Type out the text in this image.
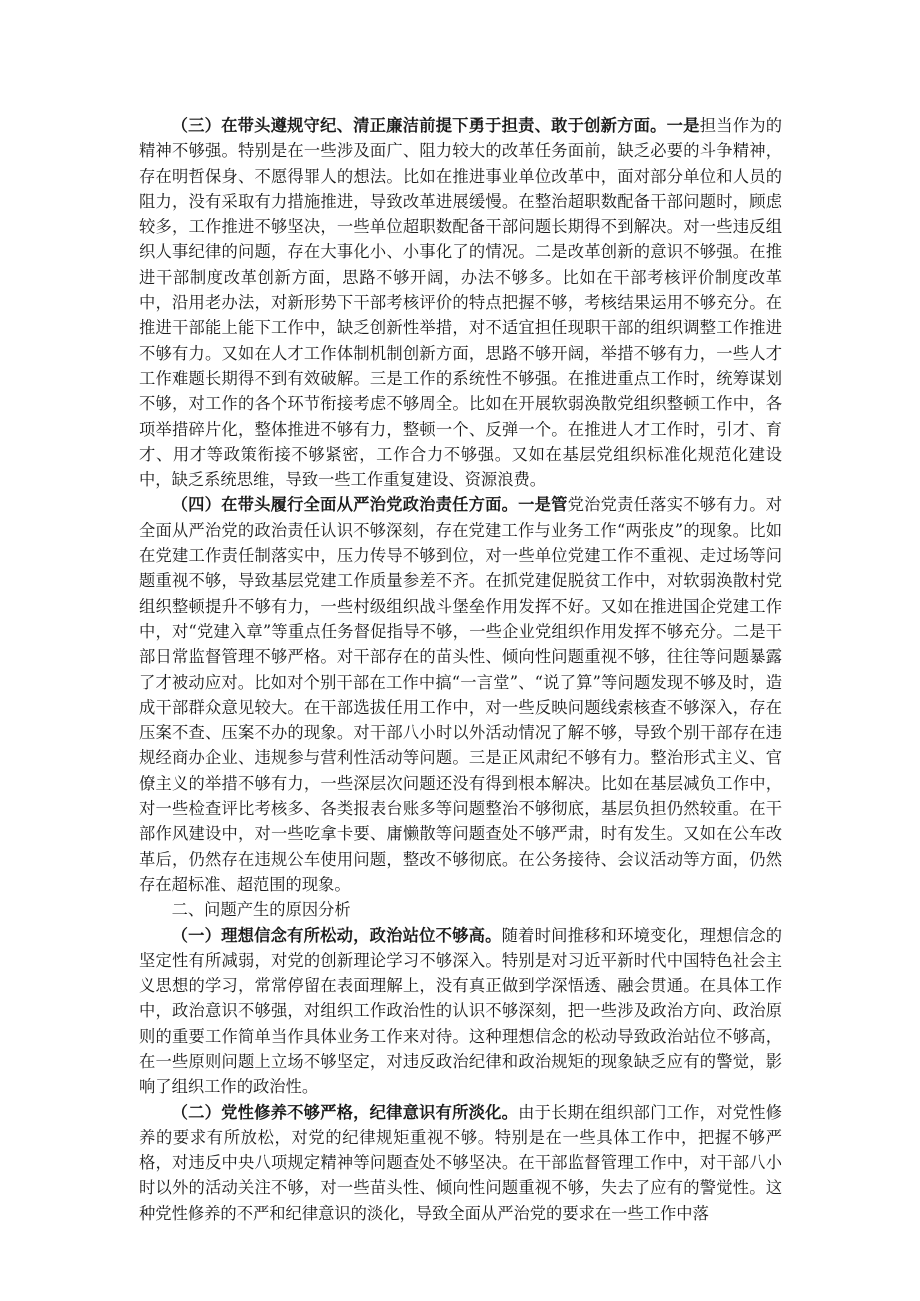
（三）在带头遵规守纪、清正廉洁前提下勇于担责、敢于创新方面。一是担当作为的精神不够强。特别是在一些涉及面广、阻力较大的改革任务面前，缺乏必要的斗争精神，存在明哲保身、不愿得罪人的想法。比如在推进事业单位改革中，面对部分单位和人员的阻力，没有采取有力措施推进，导致改革进展缓慢。在整治超职数配备干部问题时，顾虑较多，工作推进不够坚决，一些单位超职数配备干部问题长期得不到解决。对一些违反组织人事纪律的问题，存在大事化小、小事化了的情况。二是改革创新的意识不够强。在推进干部制度改革创新方面，思路不够开阔，办法不够多。比如在干部考核评价制度改革中，沿用老办法，对新形势下干部考核评价的特点把握不够，考核结果运用不够充分。在推进干部能上能下工作中，缺乏创新性举措，对不适宜担任现职干部的组织调整工作推进不够有力。又如在人才工作体制机制创新方面，思路不够开阔，举措不够有力，一些人才工作难题长期得不到有效破解。三是工作的系统性不够强。在推进重点工作时，统筹谋划不够，对工作的各个环节衔接考虑不够周全。比如在开展软弱涣散党组织整顿工作中，各项举措碎片化，整体推进不够有力，整顿一个、反弹一个。在推进人才工作时，引才、育才、用才等政策衔接不够紧密，工作合力不够强。又如在基层党组织标准化规范化建设中，缺乏系统思维，导致一些工作重复建设、资源浪费。

（四）在带头履行全面从严治党政治责任方面。一是管党治党责任落实不够有力。对全面从严治党的政治责任认识不够深刻，存在党建工作与业务工作“两张皮”的现象。比如在党建工作责任制落实中，压力传导不够到位，对一些单位党建工作不重视、走过场等问题重视不够，导致基层党建工作质量参差不齐。在抓党建促脱贫工作中，对软弱涣散村党组织整顿提升不够有力，一些村级组织战斗堡垒作用发挥不好。又如在推进国企党建工作中，对“党建入章”等重点任务督促指导不够，一些企业党组织作用发挥不够充分。二是干部日常监督管理不够严格。对干部存在的苗头性、倾向性问题重视不够，往往等问题暴露了才被动应对。比如对个别干部在工作中搞“一言堂”、“说了算”等问题发现不够及时，造成干部群众意见较大。在干部选拔任用工作中，对一些反映问题线索核查不够深入，存在压案不查、压案不办的现象。对干部八小时以外活动情况了解不够，导致个别干部存在违规经商办企业、违规参与营利性活动等问题。三是正风肃纪不够有力。整治形式主义、官僚主义的举措不够有力，一些深层次问题还没有得到根本解决。比如在基层减负工作中，对一些检查评比考核多、各类报表台账多等问题整治不够彻底，基层负担仍然较重。在干部作风建设中，对一些吃拿卡要、庸懒散等问题查处不够严肃，时有发生。又如在公车改革后，仍然存在违规公车使用问题，整改不够彻底。在公务接待、会议活动等方面，仍然存在超标准、超范围的现象。

二、问题产生的原因分析

（一）理想信念有所松动，政治站位不够高。随着时间推移和环境变化，理想信念的坚定性有所减弱，对党的创新理论学习不够深入。特别是对习近平新时代中国特色社会主义思想的学习，常常停留在表面理解上，没有真正做到学深悟透、融会贯通。在具体工作中，政治意识不够强，对组织工作政治性的认识不够深刻，把一些涉及政治方向、政治原则的重要工作简单当作具体业务工作来对待。这种理想信念的松动导致政治站位不够高，在一些原则问题上立场不够坚定，对违反政治纪律和政治规矩的现象缺乏应有的警觉，影响了组织工作的政治性。

（二）党性修养不够严格，纪律意识有所淡化。由于长期在组织部门工作，对党性修养的要求有所放松，对党的纪律规矩重视不够。特别是在一些具体工作中，把握不够严格，对违反中央八项规定精神等问题查处不够坚决。在干部监督管理工作中，对干部八小时以外的活动关注不够，对一些苗头性、倾向性问题重视不够，失去了应有的警觉性。这种党性修养的不严和纪律意识的淡化，导致全面从严治党的要求在一些工作中落
